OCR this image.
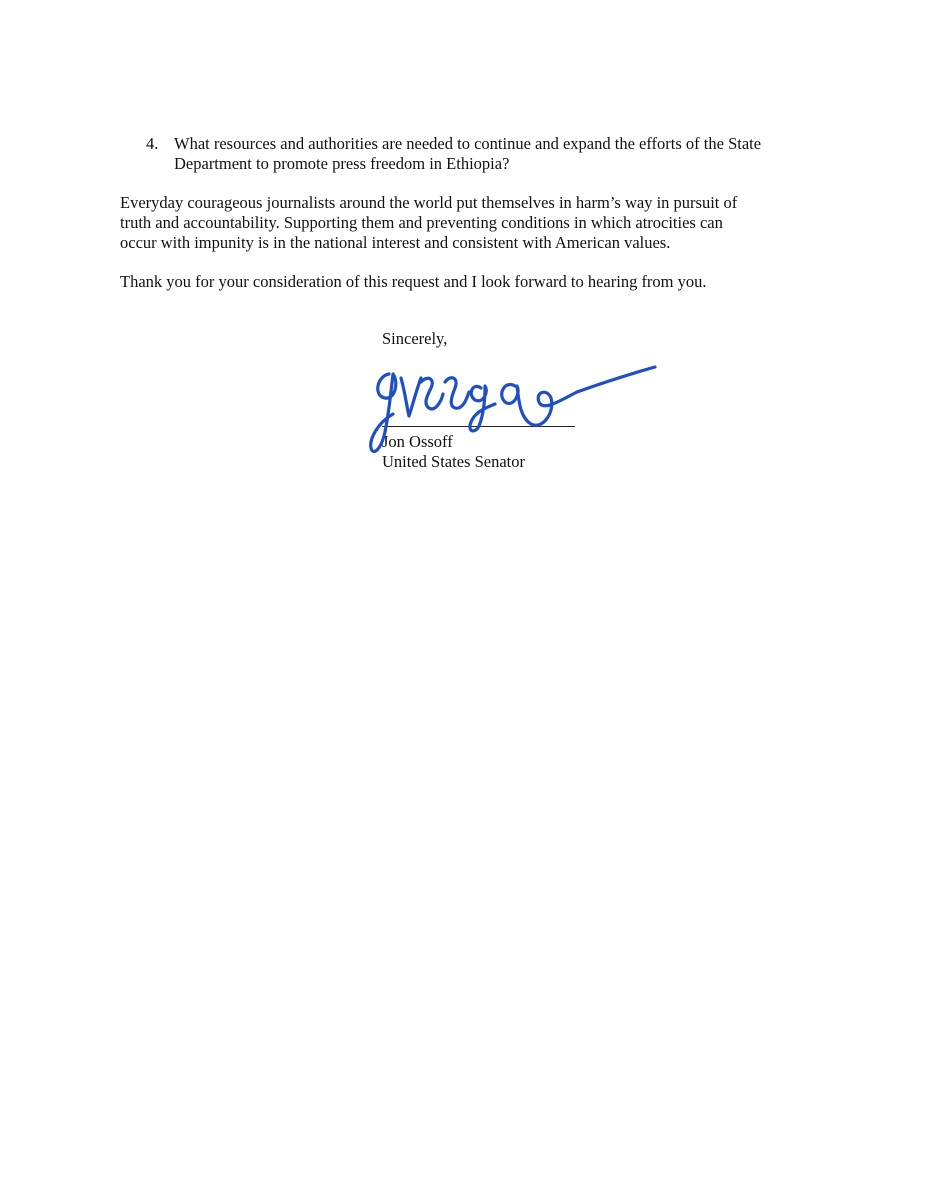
4. What resources and authorities are needed to continue and expand the efforts of the State
Department to promote press freedom in Ethiopia?
Everyday courageous journalists around the world put themselves in harm’s way in pursuit of
truth and accountability. Supporting them and preventing conditions in which atrocities can
occur with impunity is in the national interest and consistent with American values.
Thank you for your consideration of this request and I look forward to hearing from you.

Sincerely,

Jon Ossoff

United States Senator
